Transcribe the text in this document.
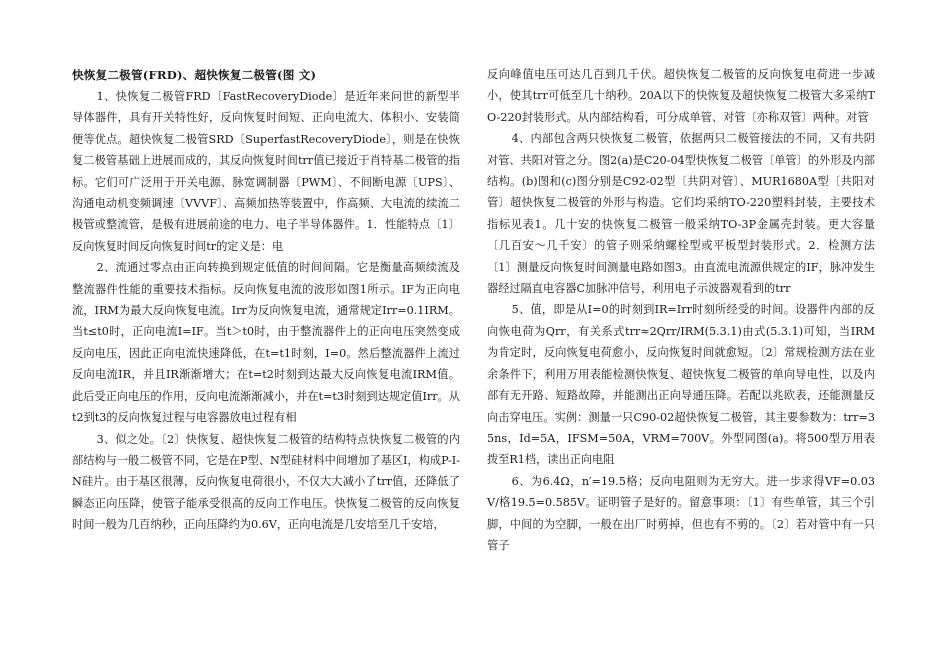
快恢复二极管(FRD)、超快恢复二极管(图 文)

1、快恢复二极管FRD〔FastRecoveryDiode〕是近年来问世的新型半导体器件，具有开关特性好，反向恢复时间短、正向电流大、体积小、安装简便等优点。超快恢复二极管SRD〔SuperfastRecoveryDiode〕，则是在快恢复二极管基础上进展而成的，其反向恢复时间trr值已接近于肖特基二极管的指标。它们可广泛用于开关电源、脉宽调制器〔PWM〕、不间断电源〔UPS〕、沟通电动机变频调速〔VVVF〕、高频加热等装置中，作高频、大电流的续流二极管或整流管，是极有进展前途的电力、电子半导体器件。1．性能特点〔1〕反向恢复时间反向恢复时间tr的定义是：电

2、流通过零点由正向转换到规定低值的时间间隔。它是衡量高频续流及整流器件性能的重要技术指标。反向恢复电流的波形如图1所示。IF为正向电流，IRM为最大反向恢复电流。Irr为反向恢复电流，通常规定Irr=0.1IRM。当t≤t0时，正向电流I=IF。当t＞t0时，由于整流器件上的正向电压突然变成反向电压，因此正向电流快速降低，在t=t1时刻，I=0。然后整流器件上流过反向电流IR，并且IR渐渐增大；在t=t2时刻到达最大反向恢复电流IRM值。此后受正向电压的作用，反向电流渐渐减小，并在t=t3时刻到达规定值Irr。从t2到t3的反向恢复过程与电容器放电过程有相

3、似之处。〔2〕快恢复、超快恢复二极管的结构特点快恢复二极管的内部结构与一般二极管不同，它是在P型、N型硅材料中间增加了基区I，构成P-I-N硅片。由于基区很薄，反向恢复电荷很小，不仅大大减小了trr值，还降低了瞬态正向压降，使管子能承受很高的反向工作电压。快恢复二极管的反向恢复时间一般为几百纳秒，正向压降约为0.6V，正向电流是几安培至几千安培，

反向峰值电压可达几百到几千伏。超快恢复二极管的反向恢复电荷进一步减小，使其trr可低至几十纳秒。20A以下的快恢复及超快恢复二极管大多采纳TO-220封装形式。从内部结构看，可分成单管、对管〔亦称双管〕两种。对管

4、内部包含两只快恢复二极管，依据两只二极管接法的不同，又有共阴对管、共阳对管之分。图2(a)是C20-04型快恢复二极管〔单管〕的外形及内部结构。(b)图和(c)图分别是C92-02型〔共阴对管〕、MUR1680A型〔共阳对管〕超快恢复二极管的外形与构造。它们均采纳TO-220塑料封装，主要技术指标见表1。几十安的快恢复二极管一般采纳TO-3P金属壳封装。更大容量〔几百安～几千安〕的管子则采纳螺栓型或平板型封装形式。2．检测方法〔1〕测量反向恢复时间测量电路如图3。由直流电流源供规定的IF，脉冲发生器经过隔直电容器C加脉冲信号，利用电子示波器观看到的trr

5、值，即是从I=0的时刻到IR=Irr时刻所经受的时间。设器件内部的反向恢电荷为Qrr，有关系式trr≈2Qrr/IRM(5.3.1)由式(5.3.1)可知，当IRM为肯定时，反向恢复电荷愈小，反向恢复时间就愈短。〔2〕常规检测方法在业余条件下，利用万用表能检测快恢复、超快恢复二极管的单向导电性，以及内部有无开路、短路故障，并能测出正向导通压降。若配以兆欧表，还能测量反向击穿电压。实例：测量一只C90-02超快恢复二极管，其主要参数为：trr=35ns，Id=5A，IFSM=50A，VRM=700V。外型同图(a)。将500型万用表拨至R1档，读出正向电阻

6、为6.4Ω，n′=19.5格；反向电阻则为无穷大。进一步求得VF=0.03V/格19.5=0.585V。证明管子是好的。留意事项：〔1〕有些单管，其三个引脚，中间的为空脚，一般在出厂时剪掉，但也有不剪的。〔2〕若对管中有一只管子
